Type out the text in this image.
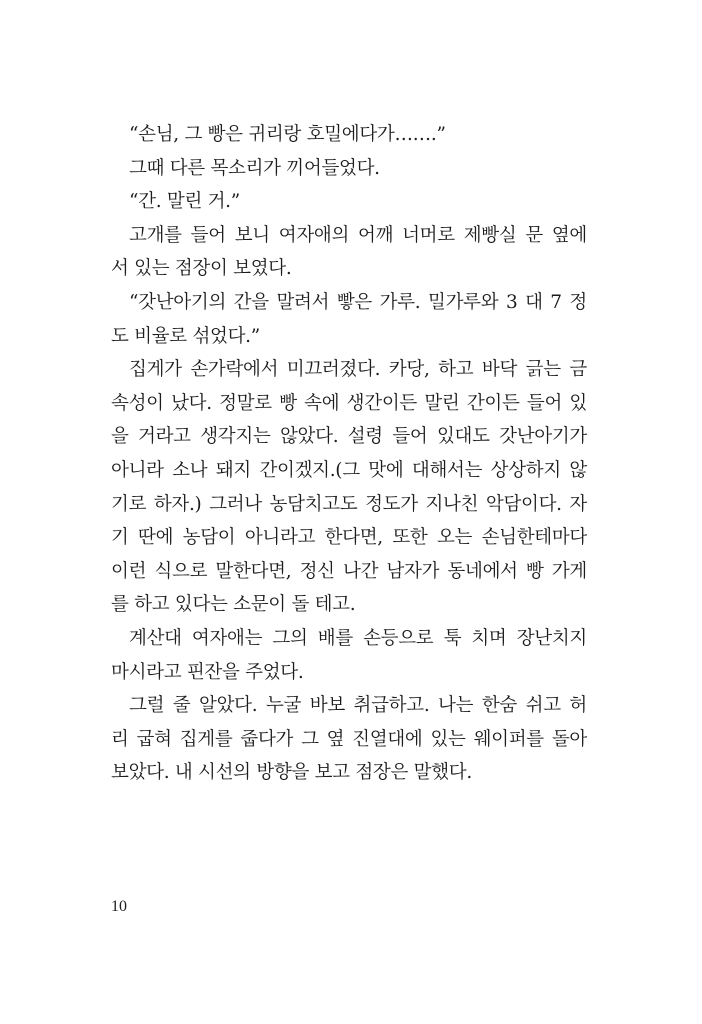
“손님, 그 빵은 귀리랑 호밀에다가…….”
그때 다른 목소리가 끼어들었다.
“간. 말린 거.”
고개를 들어 보니 여자애의 어깨 너머로 제빵실 문 옆에
서 있는 점장이 보였다.
“갓난아기의 간을 말려서 빻은 가루. 밀가루와 3 대 7 정
도 비율로 섞었다.”
집게가 손가락에서 미끄러졌다. 카당, 하고 바닥 긁는 금
속성이 났다. 정말로 빵 속에 생간이든 말린 간이든 들어 있
을 거라고 생각지는 않았다. 설령 들어 있대도 갓난아기가
아니라 소나 돼지 간이겠지.(그 맛에 대해서는 상상하지 않
기로 하자.) 그러나 농담치고도 정도가 지나친 악담이다. 자
기 딴에 농담이 아니라고 한다면, 또한 오는 손님한테마다
이런 식으로 말한다면, 정신 나간 남자가 동네에서 빵 가게
를 하고 있다는 소문이 돌 테고.
계산대 여자애는 그의 배를 손등으로 툭 치며 장난치지
마시라고 핀잔을 주었다.
그럴 줄 알았다. 누굴 바보 취급하고. 나는 한숨 쉬고 허
리 굽혀 집게를 줍다가 그 옆 진열대에 있는 웨이퍼를 돌아
보았다. 내 시선의 방향을 보고 점장은 말했다.
10
